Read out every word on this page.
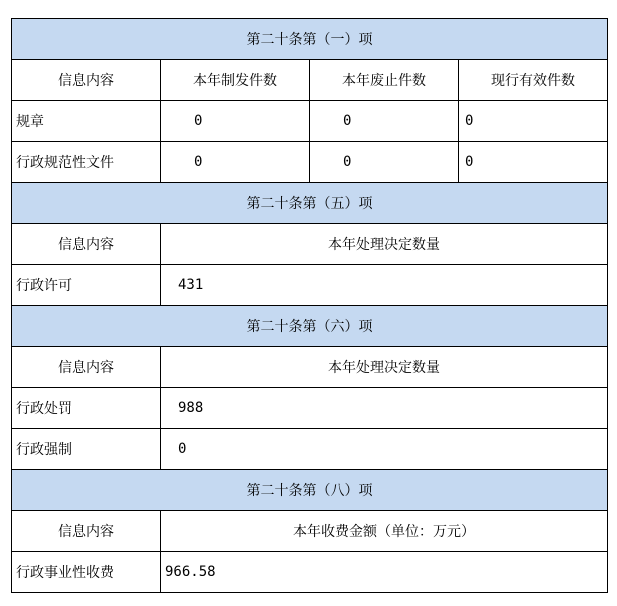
第二十条第（一）项			
信息内容	本年制发件数	本年废止件数	现行有效件数
规章	0	0	0
行政规范性文件	0	0	0
第二十条第（五）项			
信息内容	本年处理决定数量		
行政许可	431		
第二十条第（六）项			
信息内容	本年处理决定数量		
行政处罚	988		
行政强制	0		
第二十条第（八）项			
信息内容	本年收费金额（单位：万元）		
行政事业性收费	966.58		
